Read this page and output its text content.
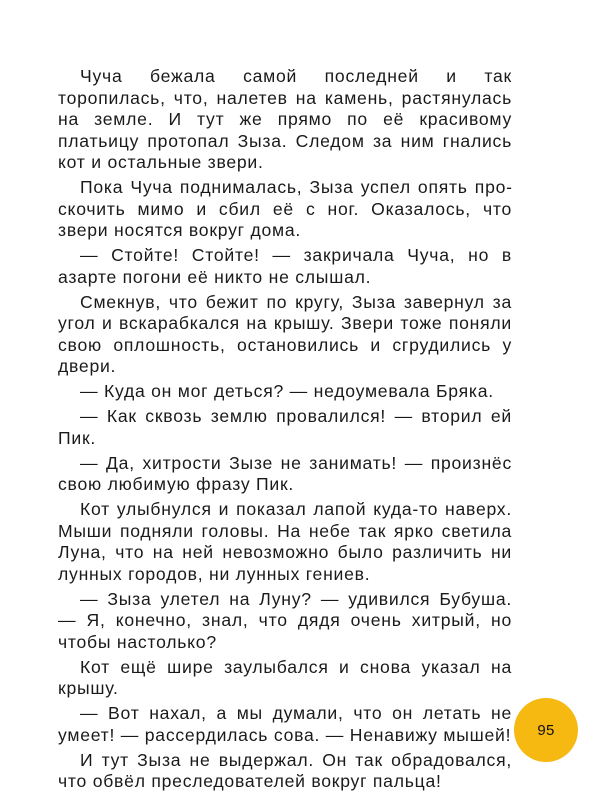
Чуча бежала самой последней и так торопилась, что, налетев на камень, растянулась на земле. И тут же прямо по её красивому платьицу протопал Зыза. Следом за ним гнались кот и остальные звери.

Пока Чуча поднималась, Зыза успел опять проскочить мимо и сбил её с ног. Оказалось, что звери носятся вокруг дома.

— Стойте! Стойте! — закричала Чуча, но в азарте погони её никто не слышал.

Смекнув, что бежит по кругу, Зыза завернул за угол и вскарабкался на крышу. Звери тоже поняли свою оплошность, остановились и сгрудились у двери.

— Куда он мог деться? — недоумевала Бряка.

— Как сквозь землю провалился! — вторил ей Пик.

— Да, хитрости Зызе не занимать! — произнёс свою любимую фразу Пик.

Кот улыбнулся и показал лапой куда-то наверх. Мыши подняли головы. На небе так ярко светила Луна, что на ней невозможно было различить ни лунных городов, ни лунных гениев.

— Зыза улетел на Луну? — удивился Бубуша. — Я, конечно, знал, что дядя очень хитрый, но чтобы настолько?

Кот ещё шире заулыбался и снова указал на крышу.

— Вот нахал, а мы думали, что он летать не умеет! — рассердилась сова. — Ненавижу мышей!

И тут Зыза не выдержал. Он так обрадовался, что обвёл преследователей вокруг пальца!

95
